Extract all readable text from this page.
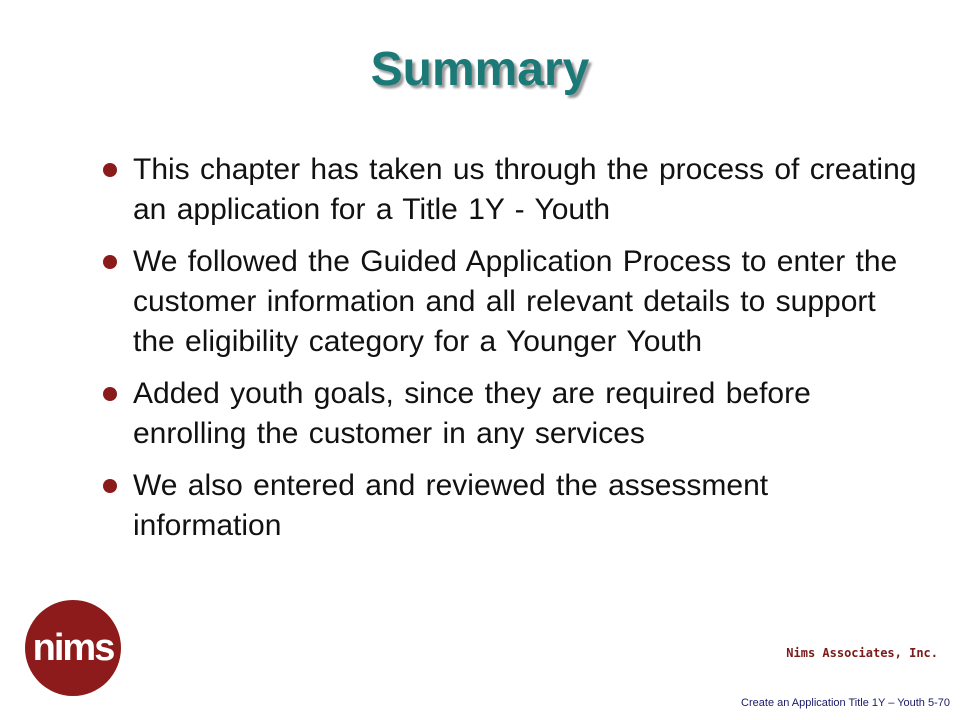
Summary
This chapter has taken us through the process of creating an application for a Title 1Y - Youth
We followed the Guided Application Process to enter the customer information and all relevant details to support the eligibility category for a Younger Youth
Added youth goals, since they are required before enrolling the customer in any services
We also entered and reviewed the assessment information
nims	Nims Associates, Inc.
Create an Application Title 1Y – Youth 5-70
